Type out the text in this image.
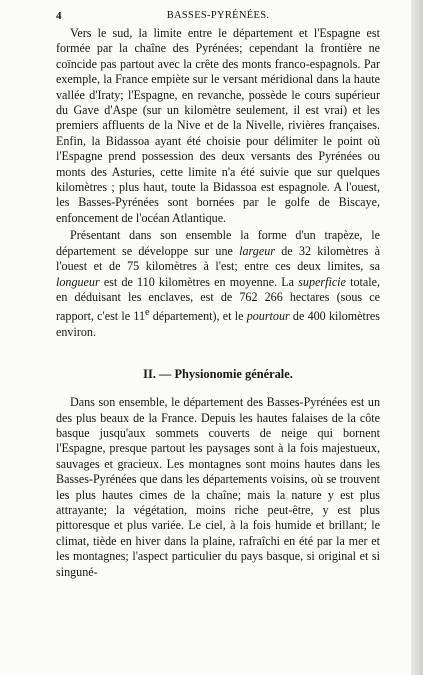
4	BASSES-PYRÉNÉES.

Vers le sud, la limite entre le département et l'Espagne est formée par la chaîne des Pyrénées; cependant la frontière ne coïncide pas partout avec la crête des monts franco-espagnols. Par exemple, la France empiète sur le versant méridional dans la haute vallée d'Iraty; l'Espagne, en revanche, possède le cours supérieur du Gave d'Aspe (sur un kilomètre seulement, il est vrai) et les premiers affluents de la Nive et de la Nivelle, rivières françaises. Enfin, la Bidassoa ayant été choisie pour délimiter le point où l'Espagne prend possession des deux versants des Pyrénées ou monts des Asturies, cette limite n'a été suivie que sur quelques kilomètres ; plus haut, toute la Bidassoa est espagnole. A l'ouest, les Basses-Pyrénées sont bornées par le golfe de Biscaye, enfoncement de l'océan Atlantique.

Présentant dans son ensemble la forme d'un trapèze, le département se développe sur une largeur de 32 kilomètres à l'ouest et de 75 kilomètres à l'est; entre ces deux limites, sa longueur est de 110 kilomètres en moyenne. La superficie totale, en déduisant les enclaves, est de 762 266 hectares (sous ce rapport, c'est le 11e département), et le pourtour de 400 kilomètres environ.

II. — Physionomie générale.

Dans son ensemble, le département des Basses-Pyrénées est un des plus beaux de la France. Depuis les hautes falaises de la côte basque jusqu'aux sommets couverts de neige qui bornent l'Espagne, presque partout les paysages sont à la fois majestueux, sauvages et gracieux. Les montagnes sont moins hautes dans les Basses-Pyrénées que dans les départements voisins, où se trouvent les plus hautes cimes de la chaîne; mais la nature y est plus attrayante; la végétation, moins riche peut-être, y est plus pittoresque et plus variée. Le ciel, à la fois humide et brillant; le climat, tiède en hiver dans la plaine, rafraîchi en été par la mer et les montagnes; l'aspect particulier du pays basque, si original et si singuné-
